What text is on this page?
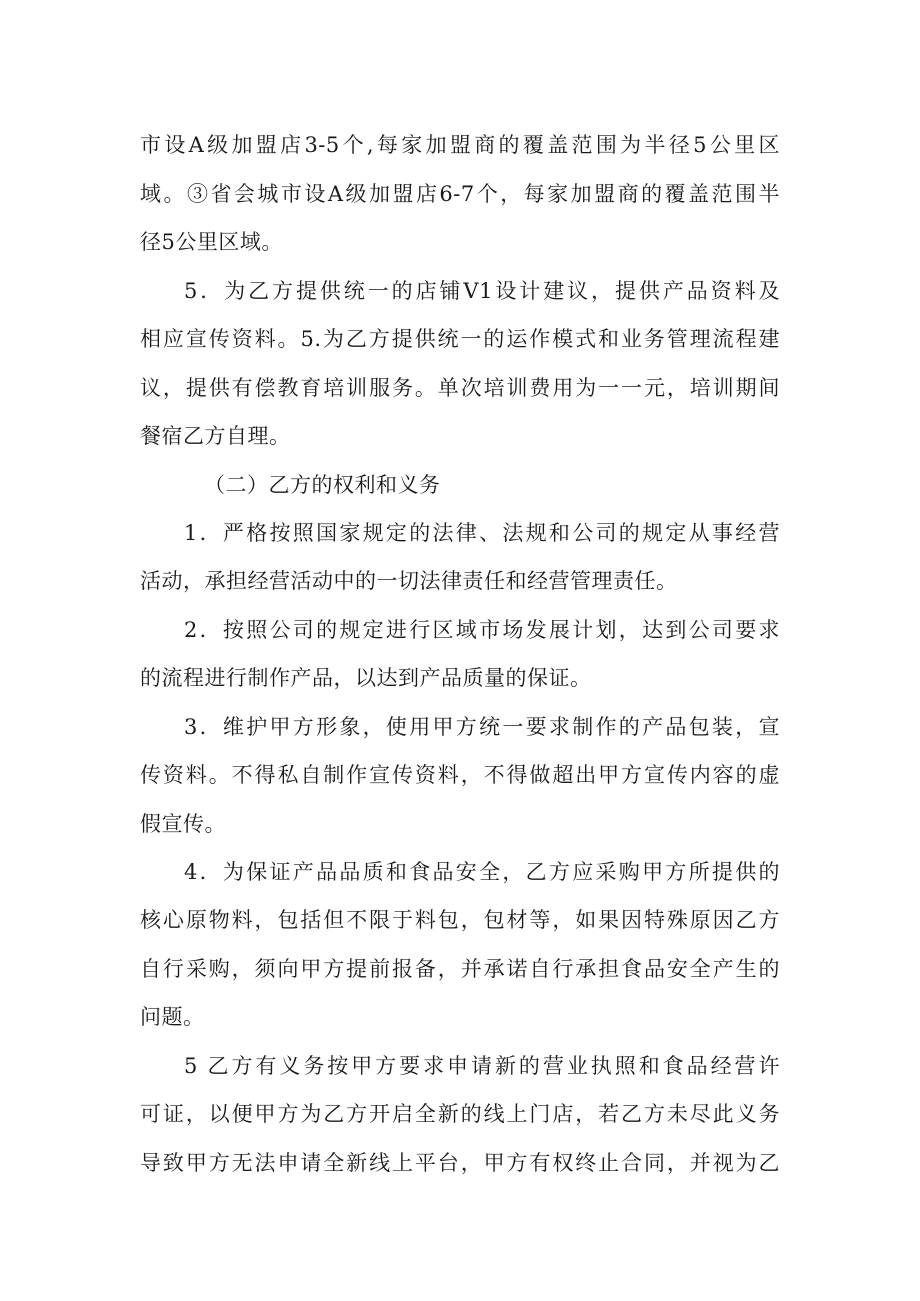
市设A级加盟店3-5个,每家加盟商的覆盖范围为半径5公里区
域。③省会城市设A级加盟店6-7个，每家加盟商的覆盖范围半
径5公里区域。
5．为乙方提供统一的店铺V1设计建议，提供产品资料及
相应宣传资料。5.为乙方提供统一的运作模式和业务管理流程建
议，提供有偿教育培训服务。单次培训费用为一一元，培训期间
餐宿乙方自理。
（二）乙方的权利和义务
1．严格按照国家规定的法律、法规和公司的规定从事经营
活动，承担经营活动中的一切法律责任和经营管理责任。
2．按照公司的规定进行区域市场发展计划，达到公司要求
的流程进行制作产品，以达到产品质量的保证。
3．维护甲方形象，使用甲方统一要求制作的产品包装，宣
传资料。不得私自制作宣传资料，不得做超出甲方宣传内容的虚
假宣传。
4．为保证产品品质和食品安全，乙方应采购甲方所提供的
核心原物料，包括但不限于料包，包材等，如果因特殊原因乙方
自行采购，须向甲方提前报备，并承诺自行承担食品安全产生的
问题。
5 乙方有义务按甲方要求申请新的营业执照和食品经营许
可证，以便甲方为乙方开启全新的线上门店，若乙方未尽此义务
导致甲方无法申请全新线上平台，甲方有权终止合同，并视为乙
